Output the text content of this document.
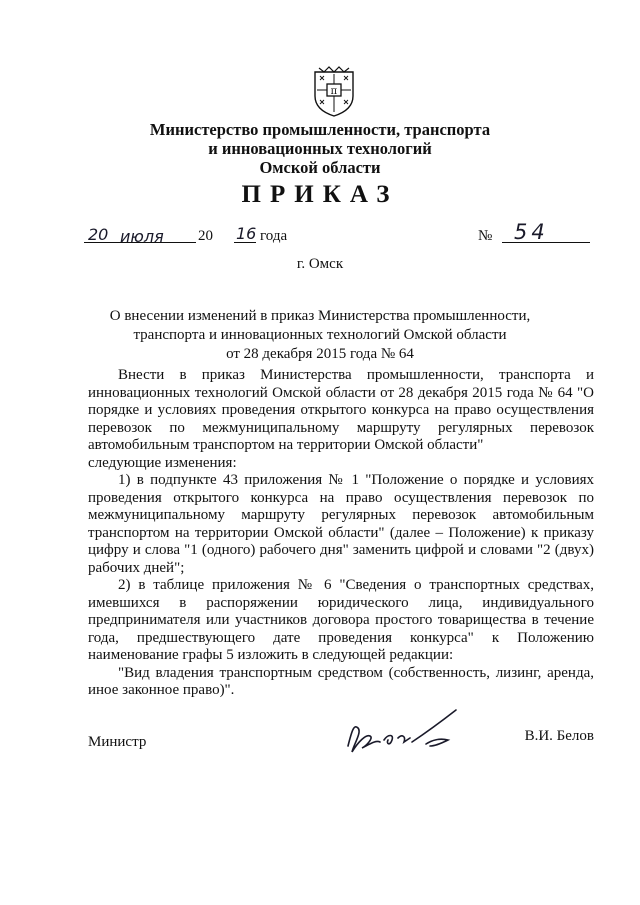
п
Министерство промышленности, транспорта
и инновационных технологий
Омской области
ПРИКАЗ
20 июля	20 16 года	№ 54
г. Омск
О внесении изменений в приказ Министерства промышленности,
транспорта и инновационных технологий Омской области
от 28 декабря 2015 года № 64

Внести в приказ Министерства промышленности, транспорта и инновационных технологий Омской области от 28 декабря 2015 года № 64 "О порядке и условиях проведения открытого конкурса на право осуществления перевозок по межмуниципальному маршруту регулярных перевозок автомобильным транспортом на территории Омской области"

следующие изменения:

1) в подпункте 43 приложения № 1 "Положение о порядке и условиях проведения открытого конкурса на право осуществления перевозок по межмуниципальному маршруту регулярных перевозок автомобильным транспортом на территории Омской области" (далее – Положение) к приказу цифру и слова "1 (одного) рабочего дня" заменить цифрой и словами "2 (двух) рабочих дней";

2) в таблице приложения № 6 "Сведения о транспортных средствах, имевшихся в распоряжении юридического лица, индивидуального предпринимателя или участников договора простого товарищества в течение года, предшествующего дате проведения конкурса" к Положению наименование графы 5 изложить в следующей редакции:

"Вид владения транспортным средством (собственность, лизинг, аренда, иное законное право)".

Министр	В.И. Белов
